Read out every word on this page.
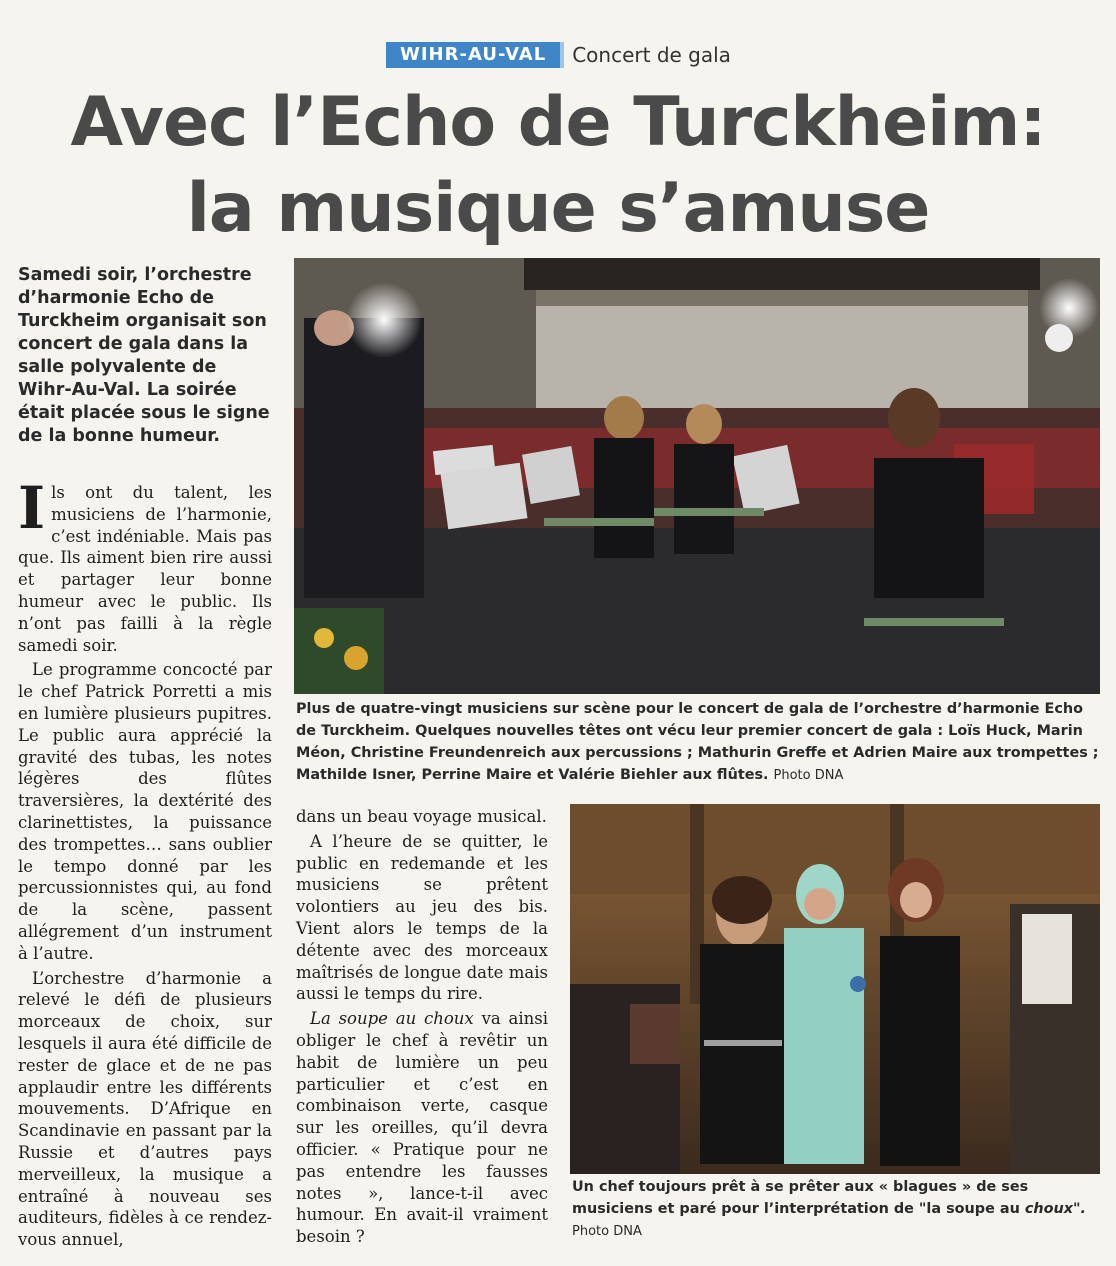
WIHR-AU-VAL	Concert de gala
Avec l’Echo de Turckheim:
la musique s’amuse

Samedi soir, l’orchestre d’harmonie Echo de Turckheim organisait son concert de gala dans la salle polyvalente de Wihr-Au-Val. La soirée était placée sous le signe de la bonne humeur.

Ils ont du talent, les musiciens de l’harmonie, c’est indéniable. Mais pas que. Ils aiment bien rire aussi et partager leur bonne humeur avec le public. Ils n’ont pas failli à la règle samedi soir.

Le programme concocté par le chef Patrick Porretti a mis en lumière plusieurs pupitres. Le public aura apprécié la gravité des tubas, les notes légères des flûtes traversières, la dextérité des clarinettistes, la puissance des trompettes… sans oublier le tempo donné par les percussionnistes qui, au fond de la scène, passent allégrement d’un instrument à l’autre.

L’orchestre d’harmonie a relevé le défi de plusieurs morceaux de choix, sur lesquels il aura été difficile de rester de glace et de ne pas applaudir entre les différents mouvements. D’Afrique en Scandinavie en passant par la Russie et d’autres pays merveilleux, la musique a entraîné à nouveau ses auditeurs, fidèles à ce rendez-vous annuel,

dans un beau voyage musical.

A l’heure de se quitter, le public en redemande et les musiciens se prêtent volontiers au jeu des bis. Vient alors le temps de la détente avec des morceaux maîtrisés de longue date mais aussi le temps du rire.

La soupe au choux va ainsi obliger le chef à revêtir un habit de lumière un peu particulier et c’est en combinaison verte, casque sur les oreilles, qu’il devra officier. « Pratique pour ne pas entendre les fausses notes », lance-t-il avec humour. En avait-il vraiment besoin ?

Plus de quatre-vingt musiciens sur scène pour le concert de gala de l’orchestre d’harmonie Echo de Turckheim. Quelques nouvelles têtes ont vécu leur premier concert de gala : Loïs Huck, Marin Méon, Christine Freundenreich aux percussions ; Mathurin Greffe et Adrien Maire aux trompettes ; Mathilde Isner, Perrine Maire et Valérie Biehler aux flûtes. Photo DNA

Un chef toujours prêt à se prêter aux « blagues » de ses musiciens et paré pour l’interprétation de "la soupe au choux". Photo DNA
